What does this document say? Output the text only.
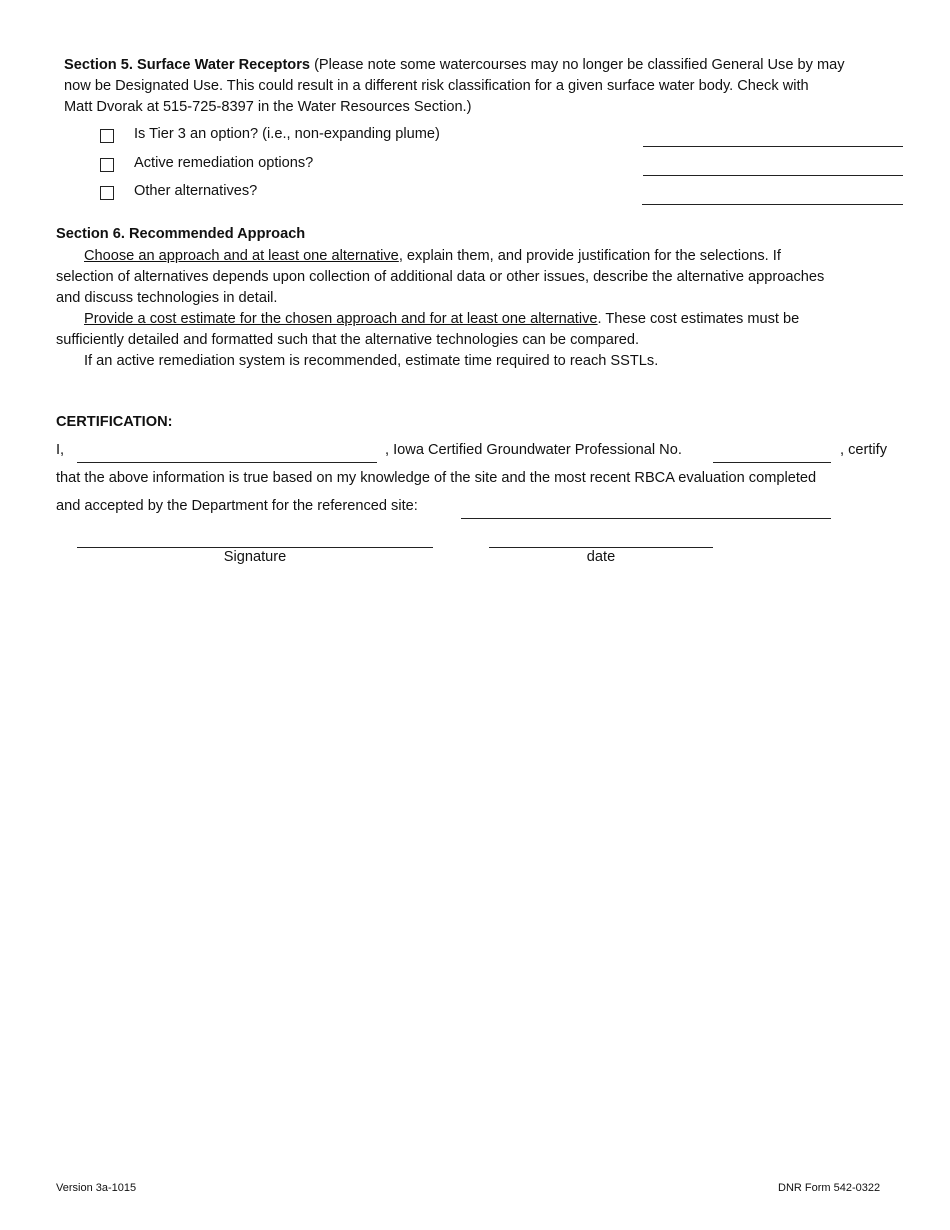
Section 5. Surface Water Receptors (Please note some watercourses may no longer be classified General Use by may
now be Designated Use. This could result in a different risk classification for a given surface water body. Check with
Matt Dvorak at 515-725-8397 in the Water Resources Section.)
Is Tier 3 an option? (i.e., non-expanding plume)
Active remediation options?
Other alternatives?
Section 6. Recommended Approach
Choose an approach and at least one alternative, explain them, and provide justification for the selections. If
selection of alternatives depends upon collection of additional data or other issues, describe the alternative approaches
and discuss technologies in detail.
Provide a cost estimate for the chosen approach and for at least one alternative. These cost estimates must be
sufficiently detailed and formatted such that the alternative technologies can be compared.
If an active remediation system is recommended, estimate time required to reach SSTLs.
CERTIFICATION:
I,	, Iowa Certified Groundwater Professional No.	, certify
that the above information is true based on my knowledge of the site and the most recent RBCA evaluation completed
and accepted by the Department for the referenced site:
Signature	date
Version 3a-1015	DNR Form 542-0322
